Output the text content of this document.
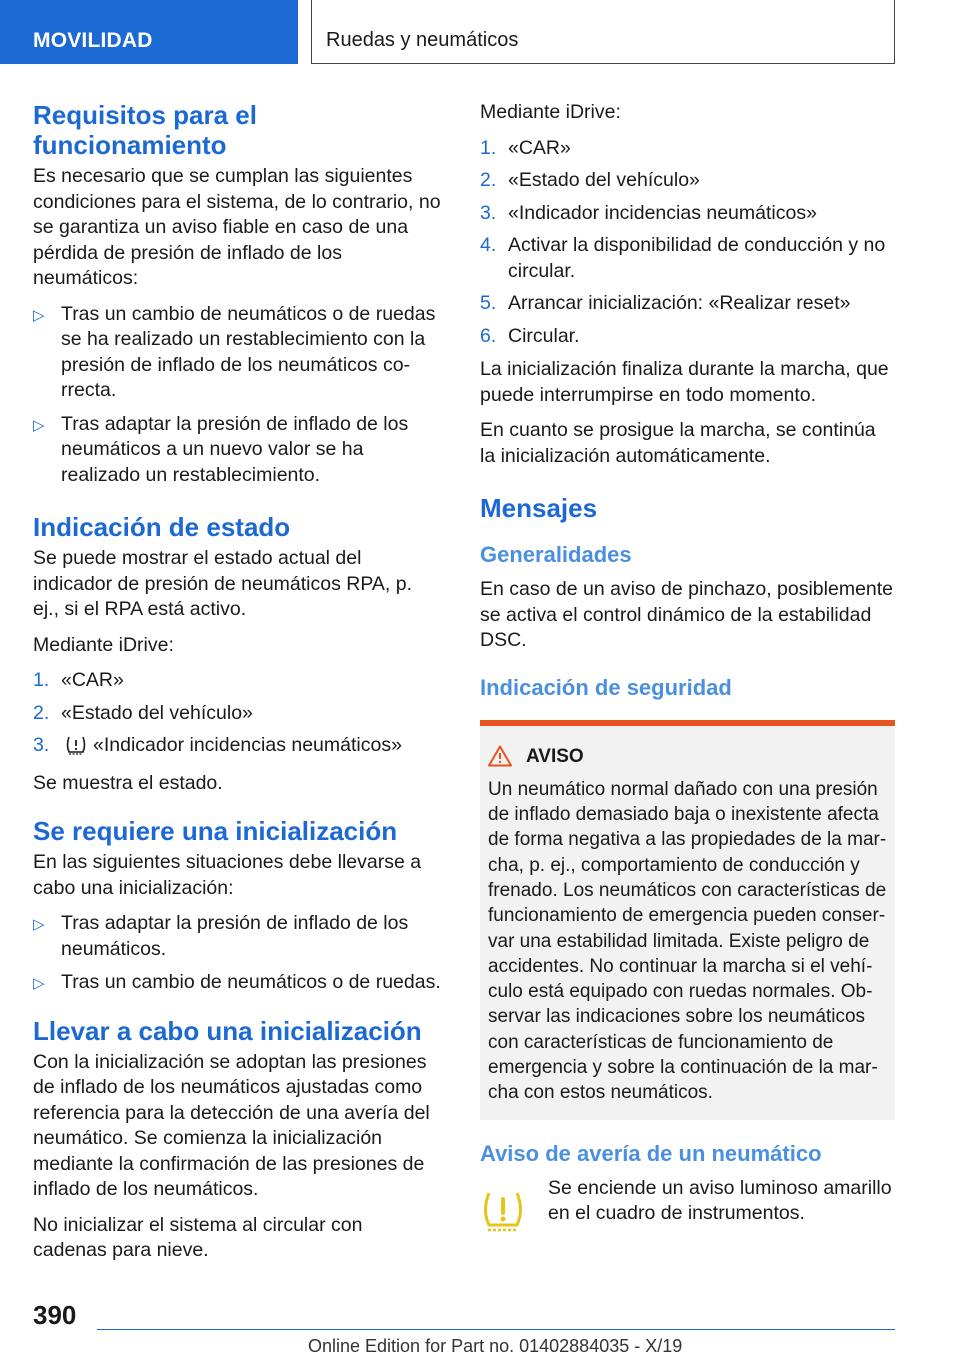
MOVILIDAD	Ruedas y neumáticos
Requisitos para el funcionamiento

Es necesario que se cumplan las siguientes condiciones para el sistema, de lo contrario, no se garantiza un aviso fiable en caso de una pérdida de presión de inflado de los neumáticos:

▷ Tras un cambio de neumáticos o de ruedas se ha realizado un restablecimiento con la presión de inflado de los neumáticos correcta.
▷ Tras adaptar la presión de inflado de los neumáticos a un nuevo valor se ha realizado un restablecimiento.
Indicación de estado

Se puede mostrar el estado actual del indicador de presión de neumáticos RPA, p. ej., si el RPA está activo.

Mediante iDrive:

1. «CAR»
2. «Estado del vehículo»
3. «Indicador incidencias neumáticos»

Se muestra el estado.

Se requiere una inicialización

En las siguientes situaciones debe llevarse a cabo una inicialización:

▷ Tras adaptar la presión de inflado de los neumáticos.
▷ Tras un cambio de neumáticos o de ruedas.
Llevar a cabo una inicialización

Con la inicialización se adoptan las presiones de inflado de los neumáticos ajustadas como referencia para la detección de una avería del neumático. Se comienza la inicialización mediante la confirmación de las presiones de inflado de los neumáticos.

No inicializar el sistema al circular con cadenas para nieve.

Mediante iDrive:

1. «CAR»
2. «Estado del vehículo»
3. «Indicador incidencias neumáticos»
4. Activar la disponibilidad de conducción y no circular.
5. Arrancar inicialización: «Realizar reset»
6. Circular.

La inicialización finaliza durante la marcha, que puede interrumpirse en todo momento.

En cuanto se prosigue la marcha, se continúa la inicialización automáticamente.

Mensajes
Generalidades

En caso de un aviso de pinchazo, posiblemente se activa el control dinámico de la estabilidad DSC.

Indicación de seguridad
AVISO
Un neumático normal dañado con una presión de inflado demasiado baja o inexistente afecta de forma negativa a las propiedades de la marcha, p. ej., comportamiento de conducción y frenado. Los neumáticos con características de funcionamiento de emergencia pueden conservar una estabilidad limitada. Existe peligro de accidentes. No continuar la marcha si el vehículo está equipado con ruedas normales. Observar las indicaciones sobre los neumáticos con características de funcionamiento de emergencia y sobre la continuación de la marcha con estos neumáticos.
Aviso de avería de un neumático
Se enciende un aviso luminoso amarillo en el cuadro de instrumentos.
390
Online Edition for Part no. 01402884035 - X/19
